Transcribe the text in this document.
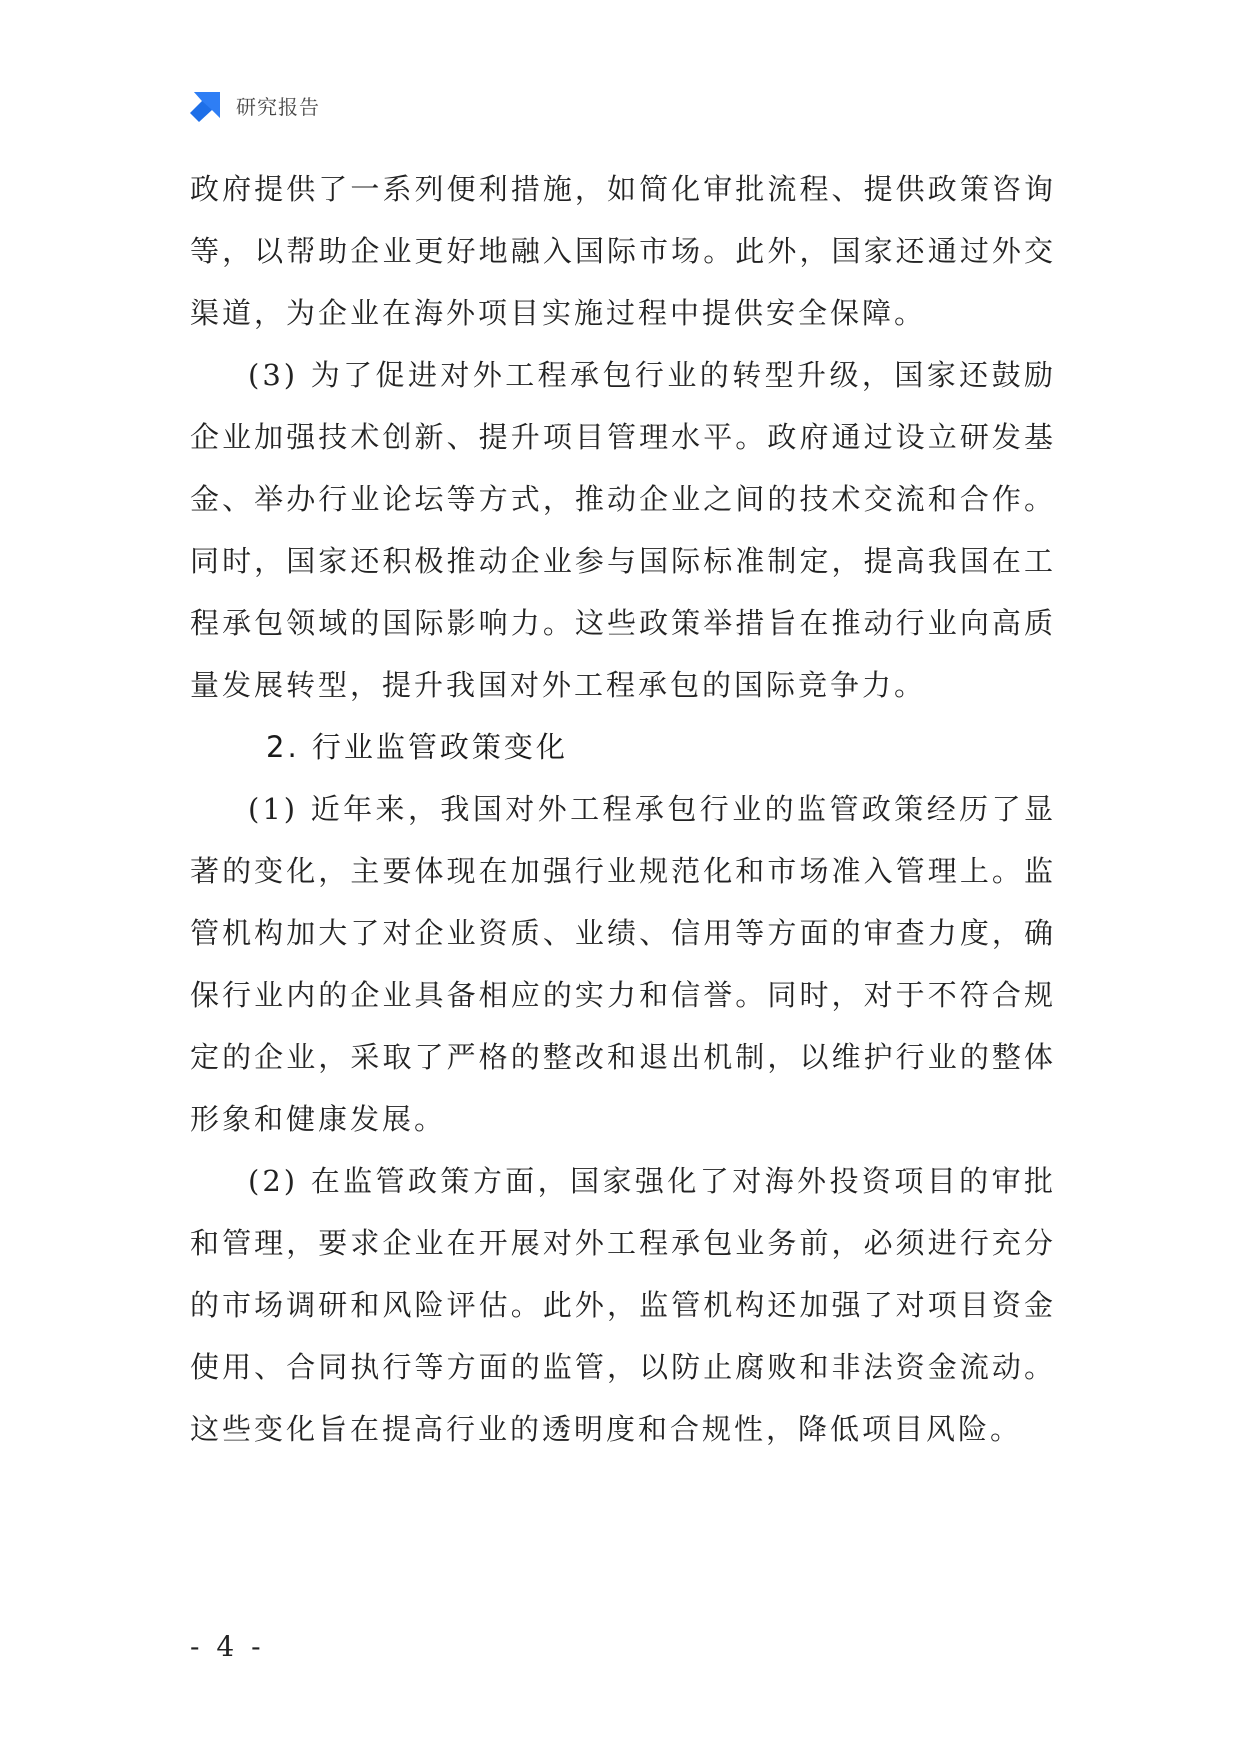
研究报告

政府提供了一系列便利措施，如简化审批流程、提供政策咨询等，以帮助企业更好地融入国际市场。此外，国家还通过外交渠道，为企业在海外项目实施过程中提供安全保障。

(3) 为了促进对外工程承包行业的转型升级，国家还鼓励企业加强技术创新、提升项目管理水平。政府通过设立研发基金、举办行业论坛等方式，推动企业之间的技术交流和合作。同时，国家还积极推动企业参与国际标准制定，提高我国在工程承包领域的国际影响力。这些政策举措旨在推动行业向高质量发展转型，提升我国对外工程承包的国际竞争力。

2. 行业监管政策变化

(1) 近年来，我国对外工程承包行业的监管政策经历了显著的变化，主要体现在加强行业规范化和市场准入管理上。监管机构加大了对企业资质、业绩、信用等方面的审查力度，确保行业内的企业具备相应的实力和信誉。同时，对于不符合规定的企业，采取了严格的整改和退出机制，以维护行业的整体形象和健康发展。

(2) 在监管政策方面，国家强化了对海外投资项目的审批和管理，要求企业在开展对外工程承包业务前，必须进行充分的市场调研和风险评估。此外，监管机构还加强了对项目资金使用、合同执行等方面的监管，以防止腐败和非法资金流动。这些变化旨在提高行业的透明度和合规性，降低项目风险。

- 4 -
